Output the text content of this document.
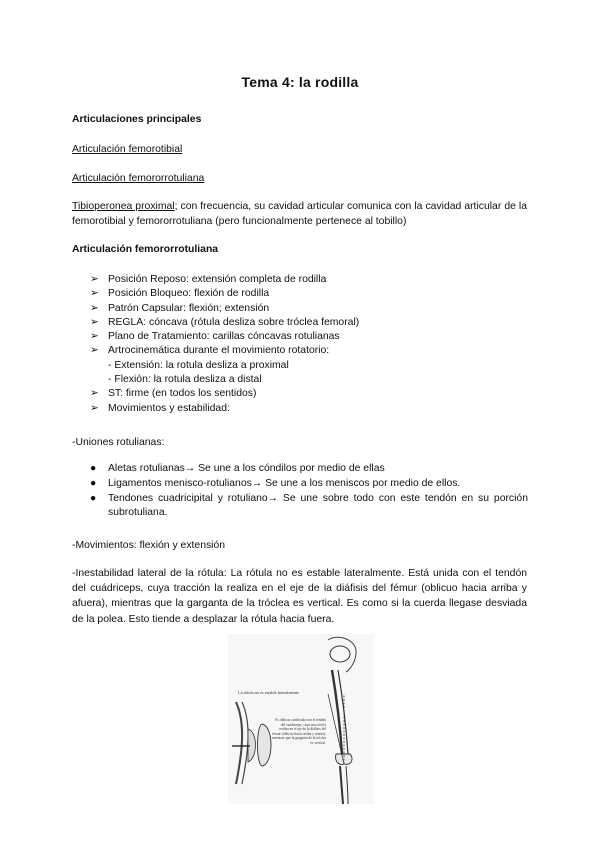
Tema 4: la rodilla
Articulaciones principales
Articulación femorotibial
Articulación femororrotuliana
Tibioperonea proximal; con frecuencia, su cavidad articular comunica con la cavidad articular de la femorotibial y femororrotuliana (pero funcionalmente pertenece al tobillo)
Articulación femororrotuliana
➢ Posición Reposo: extensión completa de rodilla
➢ Posición Bloqueo: flexión de rodilla
➢ Patrón Capsular: flexión; extensión
➢ REGLA: cóncava (rótula desliza sobre tróclea femoral)
➢ Plano de Tratamiento: carillas cóncavas rotulianas
➢ Artrocinemática durante el movimiento rotatorio:
- Extensión: la rotula desliza a proximal
- Flexión: la rotula desliza a distal
➢ ST: firme (en todos los sentidos)
➢ Movimientos y estabilidad:
-Uniones rotulianas:
● Aletas rotulianas→ Se une a los cóndilos por medio de ellas
● Ligamentos menisco-rotulianos→ Se une a los meniscos por medio de ellos.
● Tendones cuadricipital y rotuliano→ Se une sobre todo con este tendón en su porción subrotuliana.
-Movimientos: flexión y extensión
-Inestabilidad lateral de la rótula: La rótula no es estable lateralmente. Está unida con el tendón del cuádriceps, cuya tracción la realiza en el eje de la diáfisis del fémur (oblicuo hacia arriba y afuera), mientras que la garganta de la tróclea es vertical. Es como si la cuerda llegase desviada de la polea. Esto tiende a desplazar la rótula hacia fuera.
La rótula no es estable lateralmente
Es oblicuo, unificada con el tendón del cuadriceps, cuya tracción la realiza en el eje de la diáfisis del fémur (oblicuo hacia arriba y afuera), mientras que la garganta de la tróclea es vertical.
